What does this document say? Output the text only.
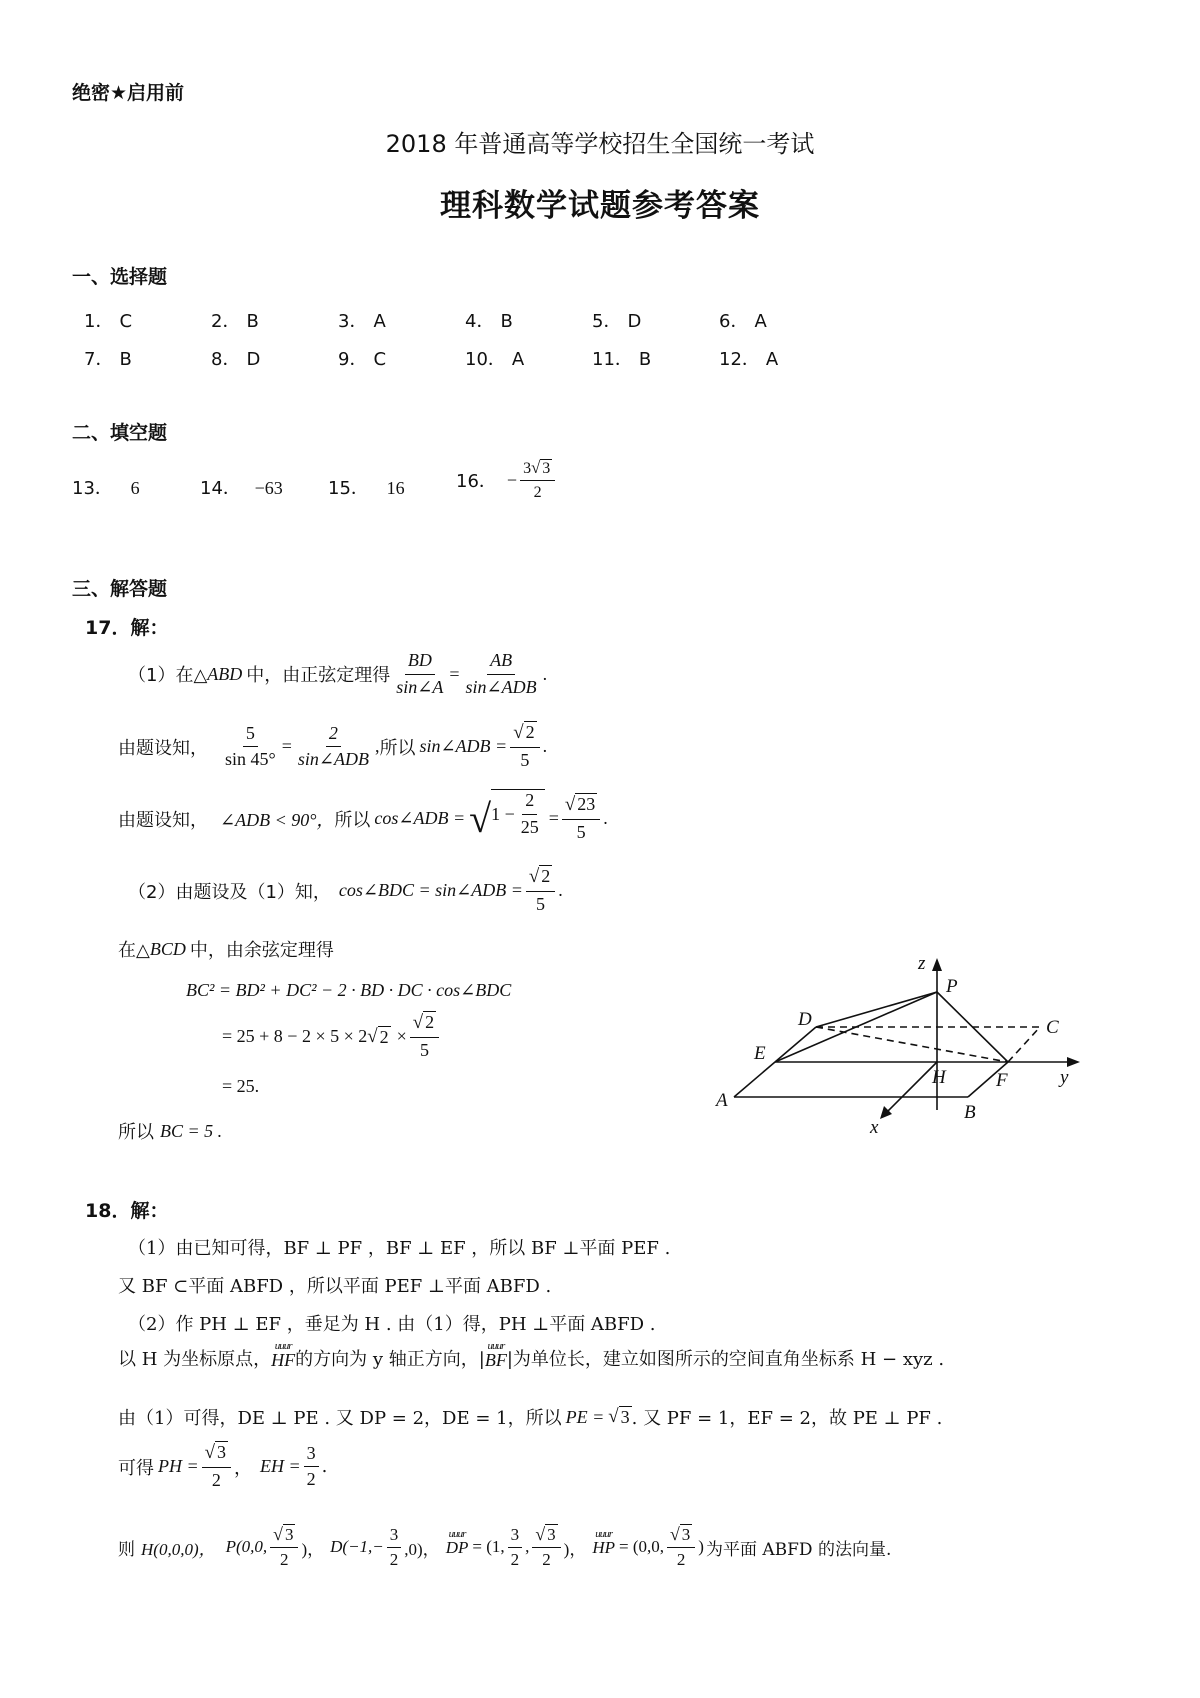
绝密★启用前
2018 年普通高等学校招生全国统一考试
理科数学试题参考答案
一、选择题
1． C	2． B	3． A	4． B	5． D	6． A
7． B	8． D	9． C	10． A	11． B	12． A
二、填空题
13． 6	14． −63	15． 16	16． − $\frac{3√ 3}{2}$
三、解答题
17．解：
（1）在△ ABD 中，由正弦定理得 $\frac{BD}{\sin\angle A} = \frac{AB}{\text{sin∠ADB}}$ .
由题设知， $\frac{5}{\sin 45^\circ} = \frac{2}{\text{sin∠ADB}}$ , 所以 sin∠ADB = $\frac{√ 2}{5}$ .
由题设知， ∠ADB < 90°， 所以 cos∠ADB = √ $1 - \frac{2}{25} = \frac{√ 23}{5}$ .
（2）由题设及（1）知， cos∠BDC = sin∠ADB = $\frac{√ 2}{5}$ .
在△ BCD 中，由余弦定理得
BC² = BD² + DC² − 2 · BD · DC · cos∠BDC
= 25 + 8 − 2 × 5 × 2 √ $2 \times \frac{√ 2}{5}$
= 25.
所以 BC = 5 .
z
P
D	C
E
H	F	y
A
B
x
18．解：
（1）由已知可得，BF ⊥ PF ，BF ⊥ EF ，所以 BF ⊥平面 PEF .
又 BF ⊂平面 ABFD ，所以平面 PEF ⊥平面 ABFD .
（2）作 PH ⊥ EF ，垂足为 H . 由（1）得，PH ⊥平面 ABFD .
以 H 为坐标原点，
uuur
HF 的方向为 y 轴正方向，|
uuur
BF |为单位长，建立如图所示的空间直角坐标系 H − xyz .
由（1）可得，DE ⊥ PE . 又 DP = 2，DE = 1，所以 PE = √ 3 . 又 PF = 1，EF = 2，故 PE ⊥ PF .
可得 PH = $\frac{√ 3}{2}$ ， EH = $\frac{3}{2}$ .
则 H(0,0,0)， P(0,0, $\frac{√ 3}{2}$ )， $D(-1,- \frac{3}{2} ,0)$，
uuur
DP = (1, $\frac{3}{2}$ , $\frac{√ 3}{2}$ )，
uuur
HP = (0,0, $\frac{√ 3}{2}$ ) 为平面 ABFD 的法向量.
